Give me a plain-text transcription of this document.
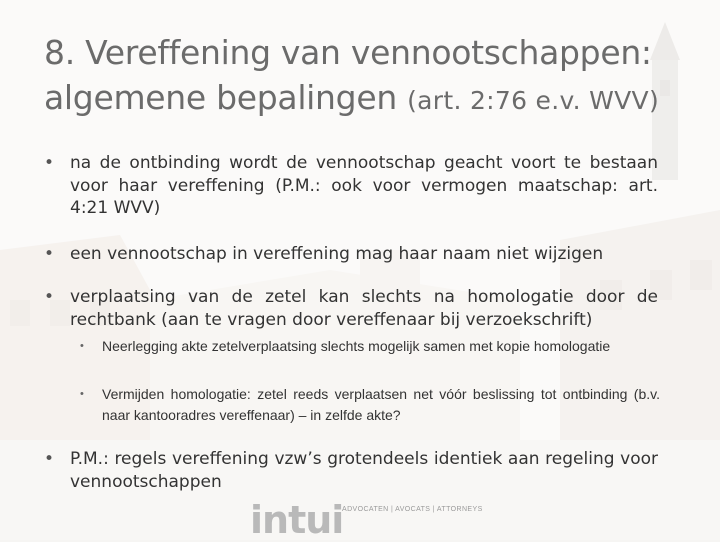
8. Vereffening van vennootschappen:
algemene bepalingen (art. 2:76 e.v. WVV)
• na de ontbinding wordt de vennootschap geacht voort te bestaan voor haar vereffening (P.M.: ook voor vermogen maatschap: art. 4:21 WVV)
• een vennootschap in vereffening mag haar naam niet wijzigen
• verplaatsing van de zetel kan slechts na homologatie door de rechtbank (aan te vragen door vereffenaar bij verzoekschrift)
• Neerlegging akte zetelverplaatsing slechts mogelijk samen met kopie homologatie
• Vermijden homologatie: zetel reeds verplaatsen net vóór beslissing tot ontbinding (b.v. naar kantooradres vereffenaar) – in zelfde akte?
• P.M.: regels vereffening vzw’s grotendeels identiek aan regeling voor vennootschappen
intui
ADVOCATEN | AVOCATS | ATTORNEYS
